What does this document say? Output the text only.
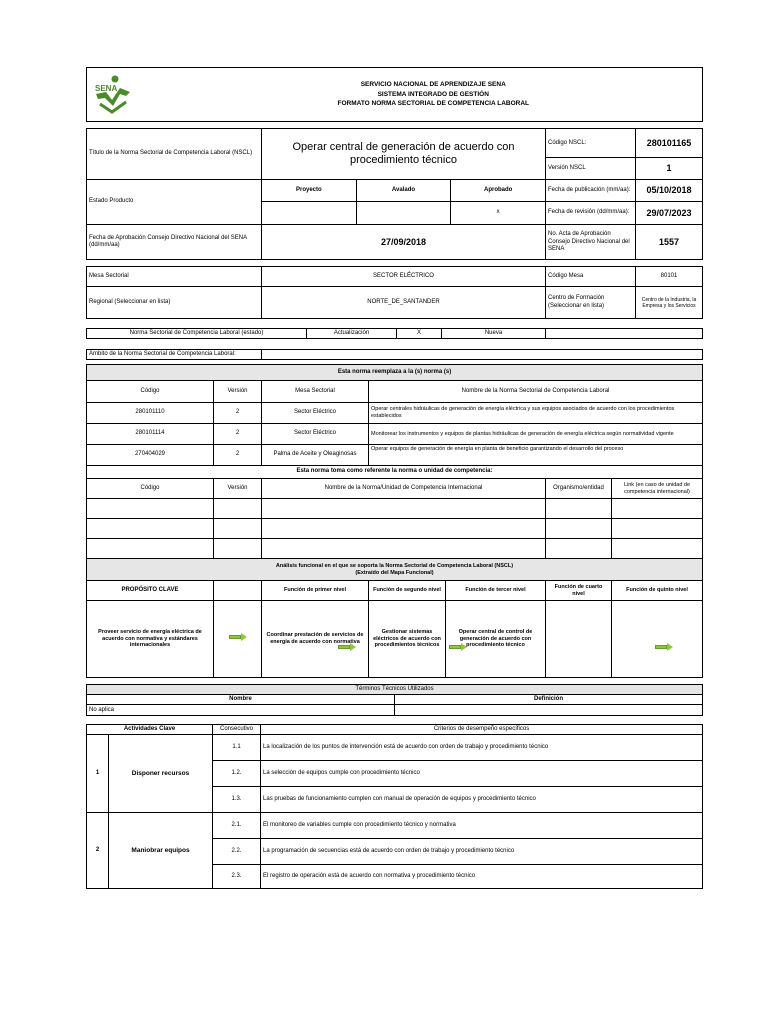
SERVICIO NACIONAL DE APRENDIZAJE SENA
SISTEMA INTEGRADO DE GESTIÓN
FORMATO NORMA SECTORIAL DE COMPETENCIA LABORAL
SENA
Título de la Norma Sectorial de Competencia Laboral (NSCL)	Operar central de generación de acuerdo con procedimiento técnico			Código NSCL:	280101165
				Versión NSCL	1
Estado Producto	Proyecto	Avalado	Aprobado	Fecha de publicación (mm/aa):	05/10/2018
			x	Fecha de revisión (dd/mm/aa):	29/07/2023
Fecha de Aprobación Consejo Directivo Nacional del SENA (dd/mm/aa)	27/09/2018			No. Acta de Aprobación Consejo Directivo Nacional del SENA	1557
Mesa Sectorial	SECTOR ELÉCTRICO	Código Mesa	80101
Regional (Seleccionar en lista)	NORTE_DE_SANTANDER	Centro de Formación (Seleccionar en lista)	Centro de la Industria, la Empresa y los Servicios
Norma Sectorial de Competencia Laboral (estado)	Actualización	X	Nueva	
Ámbito de la Norma Sectorial de Competencia Laboral:	
Esta norma reemplaza a la (s) norma (s)						
Código	Versión	Mesa Sectorial	Nombre de la Norma Sectorial de Competencia Laboral			
280101110	2	Sector Eléctrico	Operar centrales hidráulicas de generación de energía eléctrica y sus equipos asociados de acuerdo con los procedimientos establecidos			
280101114	2	Sector Eléctrico	Monitorear los instrumentos y equipos de plantas hidráulicas de generación de energía eléctrica según normatividad vigente			
270404029	2	Palma de Aceite y Oleaginosas	Operar equipos de generación de energía en planta de beneficio garantizando el desarrollo del proceso			
Esta norma toma como referente la norma o unidad de competencia:						
Código	Versión	Nombre de la Norma/Unidad de Competencia Internacional			Organismo/entidad	Link (en caso de unidad de competencia internacional)

Análisis funcional en el que se soporta la Norma Sectorial de Competencia Laboral (NSCL)
(Extraído del Mapa Funcional)						

PROPÓSITO CLAVE		Función de primer nivel	Función de segundo nivel	Función de tercer nivel	Función de cuarto nivel	Función de quinto nivel
Proveer servicio de energía eléctrica de acuerdo con normativa y estándares internacionales		Coordinar prestación de servicios de energía de acuerdo con normativa	Gestionar sistemas eléctricos de acuerdo con procedimientos técnicos	Operar central de control de generación de acuerdo con procedimiento técnico		

Términos Técnicos Utilizados	
Nombre	Definición
No aplica	
Actividades Clave		Consecutivo	Criterios de desempeño específicos
1	Disponer recursos	1.1	La localización de los puntos de intervención está de acuerdo con orden de trabajo y procedimiento técnico
		1.2.	La selección de equipos cumple con procedimiento técnico
		1.3.	Las pruebas de funcionamiento cumplen con manual de operación de equipos y procedimiento técnico
2	Maniobrar equipos	2.1.	El monitoreo de variables cumple con procedimiento técnico y normativa
		2.2.	La programación de secuencias está de acuerdo con orden de trabajo y procedimiento técnico
		2.3.	El registro de operación está de acuerdo con normativa y procedimiento técnico
